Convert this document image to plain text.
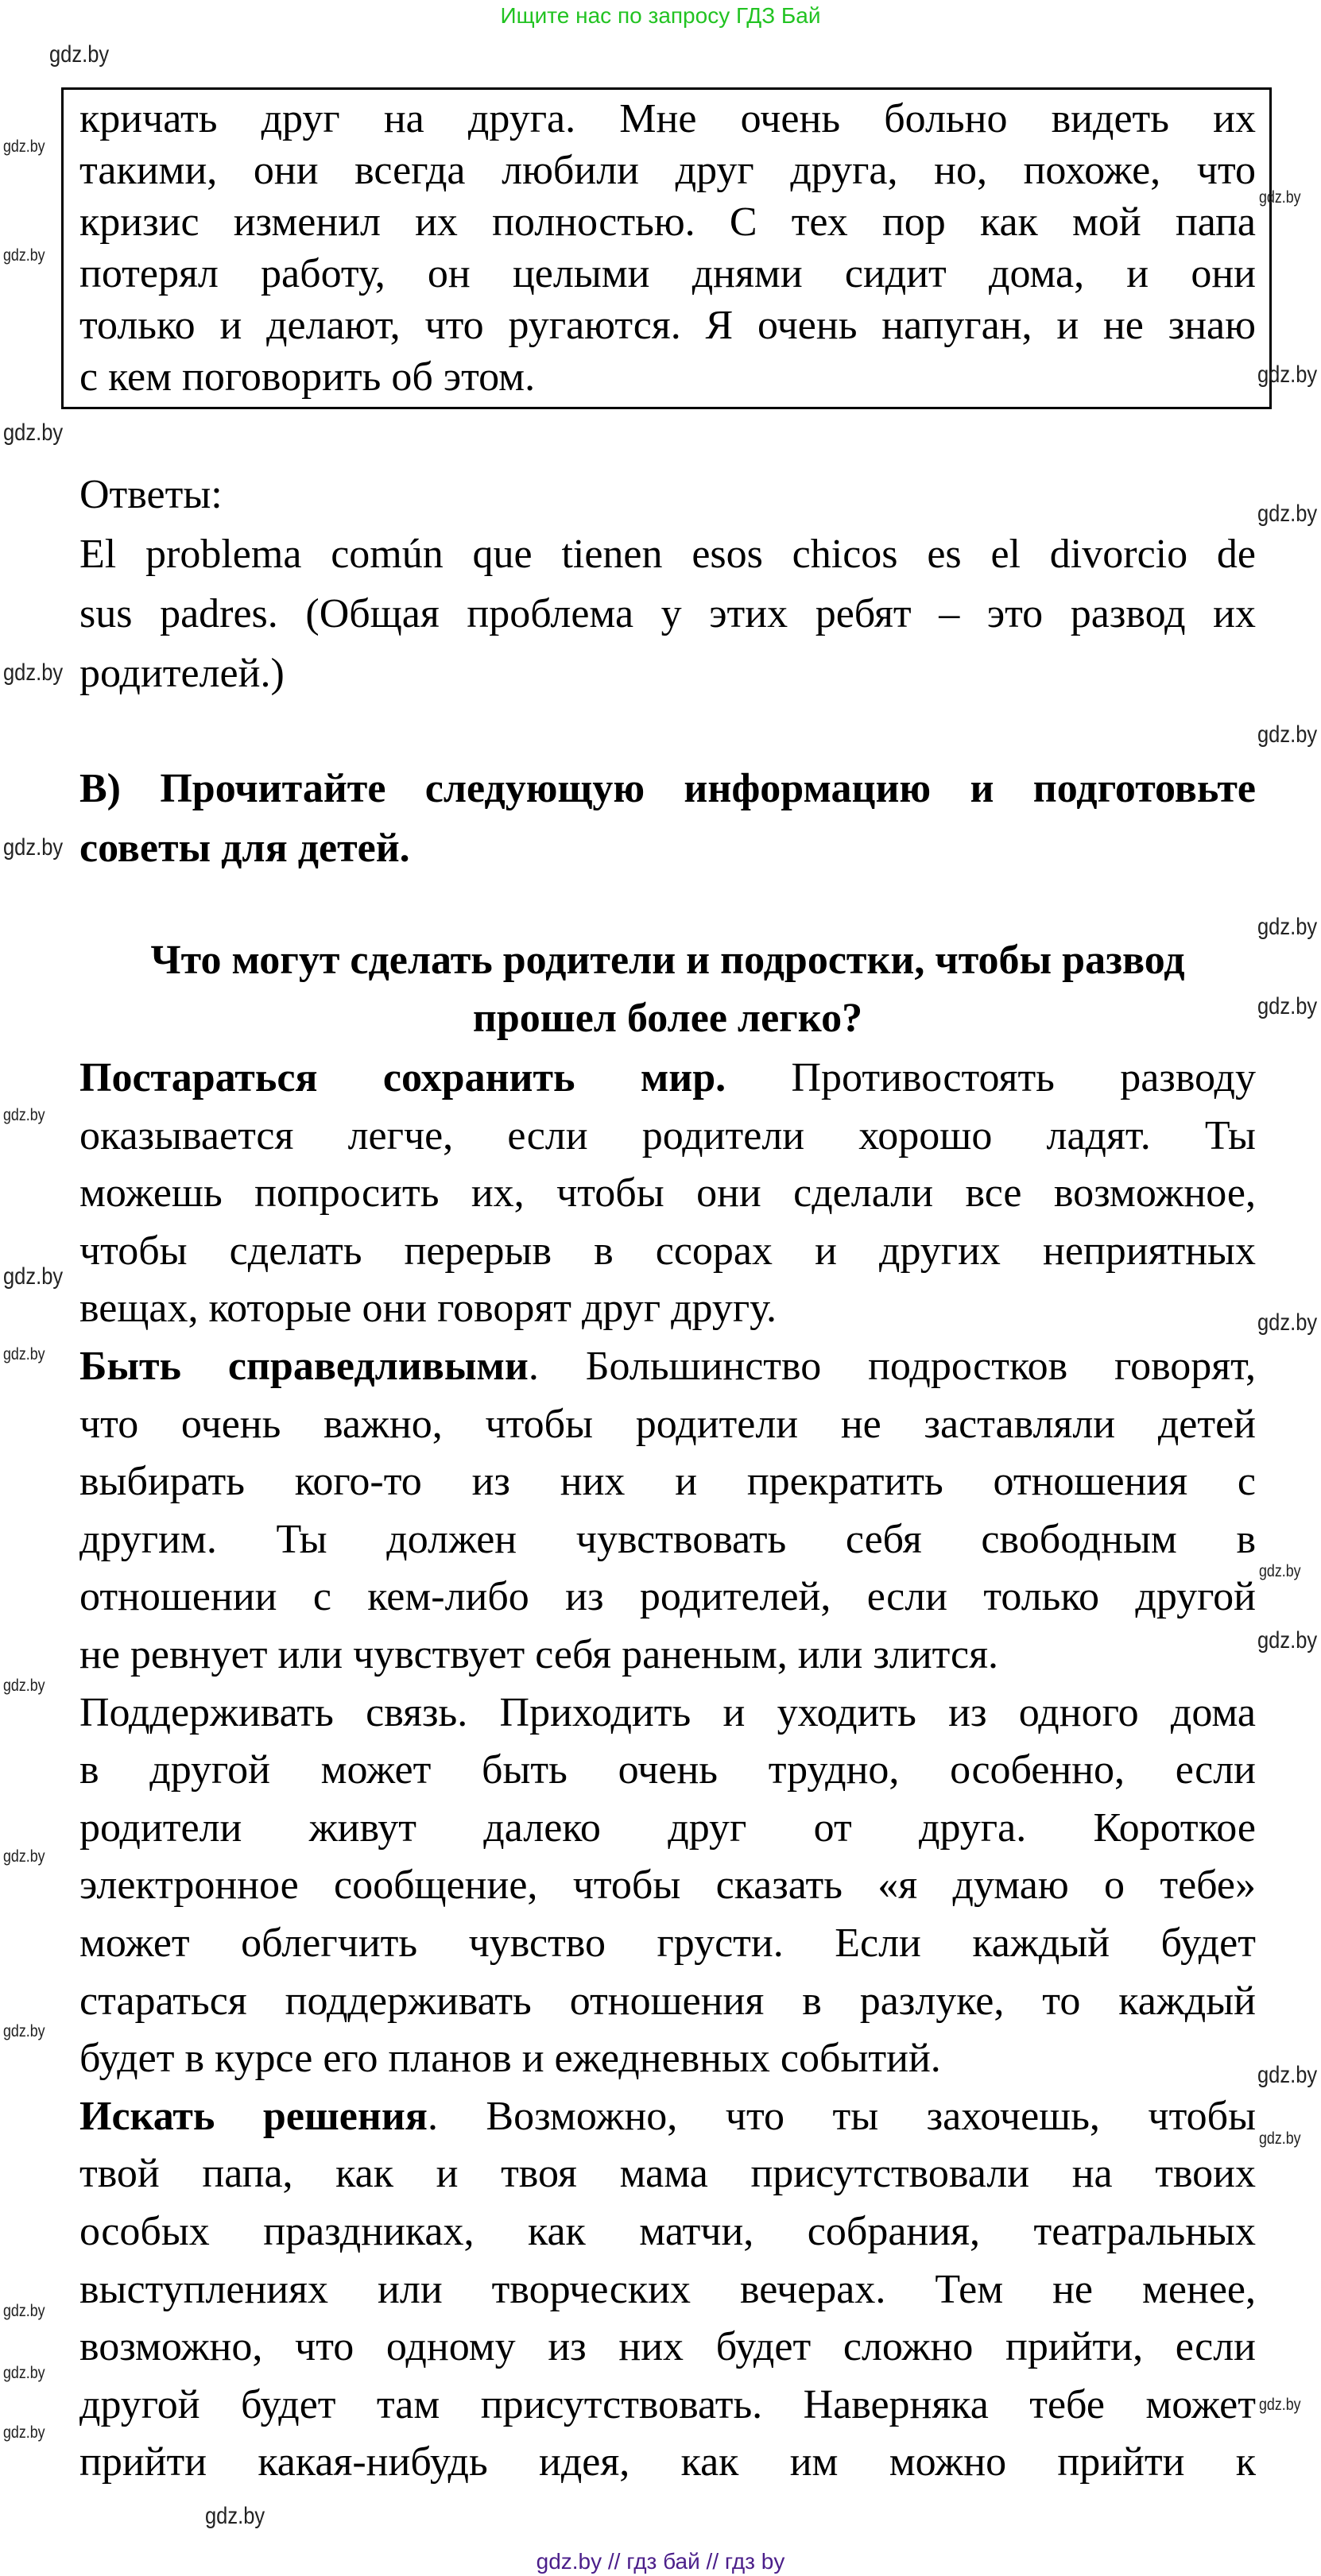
Ищите нас по запросу ГДЗ Бай
кричать друг на друга. Мне очень больно видеть их
такими, они всегда любили друг друга, но, похоже, что
кризис изменил их полностью. С тех пор как мой папа
потерял работу, он целыми днями сидит дома, и они
только и делают, что ругаются. Я очень напуган, и не знаю
с кем поговорить об этом.
Ответы:
El problema común que tienen esos chicos es el divorcio de
sus padres. (Общая проблема у этих ребят – это развод их
родителей.)
B) Прочитайте следующую информацию и подготовьте
советы для детей.
Что могут сделать родители и подростки, чтобы развод
прошел более легко?
Постараться сохранить мир. Противостоять разводу
оказывается легче, если родители хорошо ладят. Ты
можешь попросить их, чтобы они сделали все возможное,
чтобы сделать перерыв в ссорах и других неприятных
вещах, которые они говорят друг другу.
Быть справедливыми. Большинство подростков говорят,
что очень важно, чтобы родители не заставляли детей
выбирать кого-то из них и прекратить отношения с
другим. Ты должен чувствовать себя свободным в
отношении с кем-либо из родителей, если только другой
не ревнует или чувствует себя раненым, или злится.
Поддерживать связь. Приходить и уходить из одного дома
в другой может быть очень трудно, особенно, если
родители живут далеко друг от друга. Короткое
электронное сообщение, чтобы сказать «я думаю о тебе»
может облегчить чувство грусти. Если каждый будет
стараться поддерживать отношения в разлуке, то каждый
будет в курсе его планов и ежедневных событий.
Искать решения. Возможно, что ты захочешь, чтобы
твой папа, как и твоя мама присутствовали на твоих
особых праздниках, как матчи, собрания, театральных
выступлениях или творческих вечерах. Тем не менее,
возможно, что одному из них будет сложно прийти, если
другой будет там присутствовать. Наверняка тебе может
прийти какая-нибудь идея, как им можно прийти к
gdz.by
gdz.by
gdz.by
gdz.by
gdz.by
gdz.by
gdz.by
gdz.by
gdz.by
gdz.by
gdz.by
gdz.by
gdz.by
gdz.by
gdz.by
gdz.by
gdz.by
gdz.by
gdz.by
gdz.by
gdz.by
gdz.by
gdz.by
gdz.by
gdz.by
gdz.by
gdz.by
gdz.by
gdz.by // гдз бай // гдз by
